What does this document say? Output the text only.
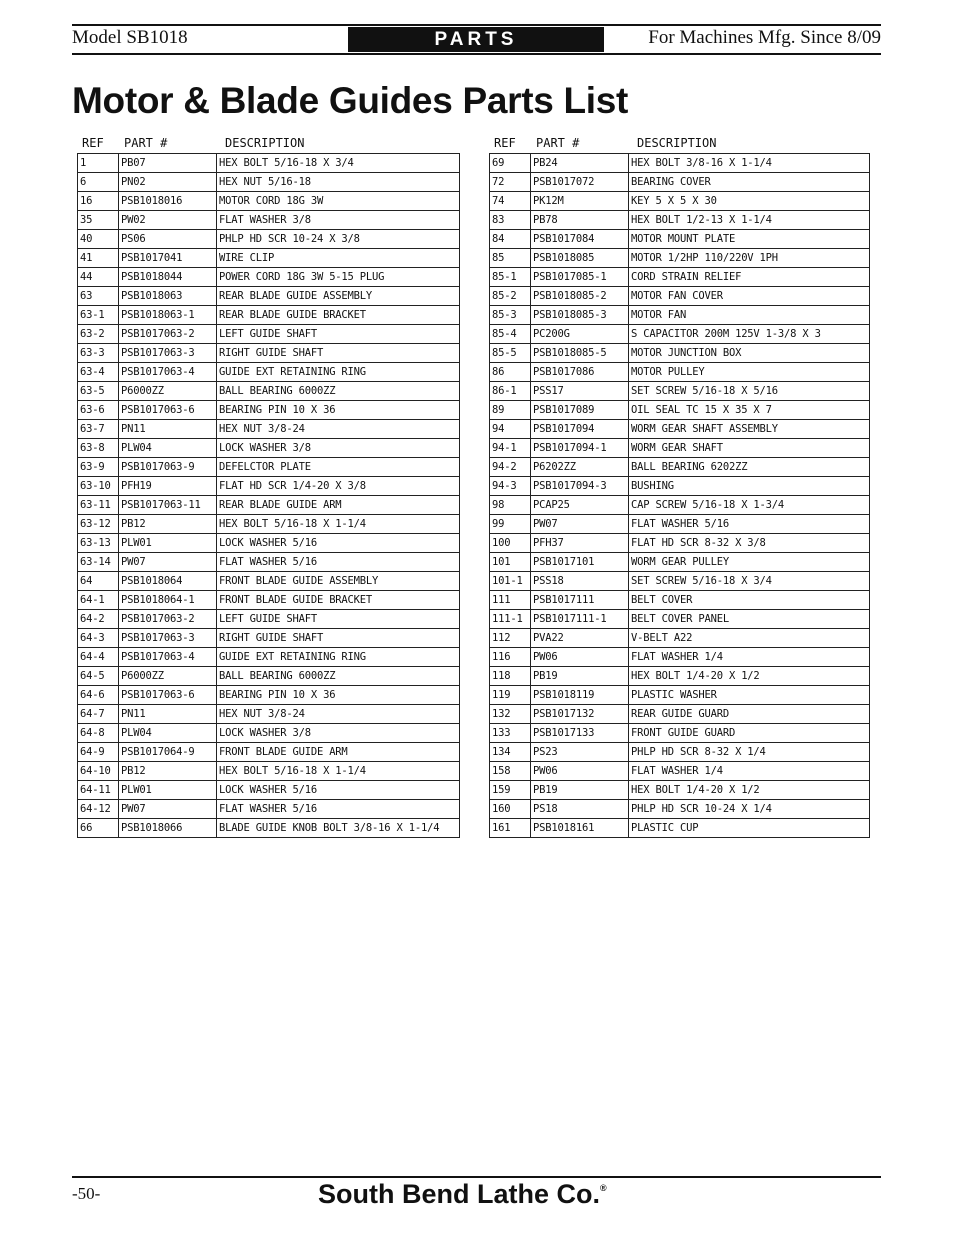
Model SB1018	PARTS	For Machines Mfg. Since 8/09
Motor & Blade Guides Parts List
REF	PART #	DESCRIPTION
1	PB07	HEX BOLT 5/16-18 X 3/4
6	PN02	HEX NUT 5/16-18
16	PSB1018016	MOTOR CORD 18G 3W
35	PW02	FLAT WASHER 3/8
40	PS06	PHLP HD SCR 10-24 X 3/8
41	PSB1017041	WIRE CLIP
44	PSB1018044	POWER CORD 18G 3W 5-15 PLUG
63	PSB1018063	REAR BLADE GUIDE ASSEMBLY
63-1	PSB1018063-1	REAR BLADE GUIDE BRACKET
63-2	PSB1017063-2	LEFT GUIDE SHAFT
63-3	PSB1017063-3	RIGHT GUIDE SHAFT
63-4	PSB1017063-4	GUIDE EXT RETAINING RING
63-5	P6000ZZ	BALL BEARING 6000ZZ
63-6	PSB1017063-6	BEARING PIN 10 X 36
63-7	PN11	HEX NUT 3/8-24
63-8	PLW04	LOCK WASHER 3/8
63-9	PSB1017063-9	DEFELCTOR PLATE
63-10	PFH19	FLAT HD SCR 1/4-20 X 3/8
63-11	PSB1017063-11	REAR BLADE GUIDE ARM
63-12	PB12	HEX BOLT 5/16-18 X 1-1/4
63-13	PLW01	LOCK WASHER 5/16
63-14	PW07	FLAT WASHER 5/16
64	PSB1018064	FRONT BLADE GUIDE ASSEMBLY
64-1	PSB1018064-1	FRONT BLADE GUIDE BRACKET
64-2	PSB1017063-2	LEFT GUIDE SHAFT
64-3	PSB1017063-3	RIGHT GUIDE SHAFT
64-4	PSB1017063-4	GUIDE EXT RETAINING RING
64-5	P6000ZZ	BALL BEARING 6000ZZ
64-6	PSB1017063-6	BEARING PIN 10 X 36
64-7	PN11	HEX NUT 3/8-24
64-8	PLW04	LOCK WASHER 3/8
64-9	PSB1017064-9	FRONT BLADE GUIDE ARM
64-10	PB12	HEX BOLT 5/16-18 X 1-1/4
64-11	PLW01	LOCK WASHER 5/16
64-12	PW07	FLAT WASHER 5/16
66	PSB1018066	BLADE GUIDE KNOB BOLT 3/8-16 X 1-1/4
REF	PART #	DESCRIPTION
69	PB24	HEX BOLT 3/8-16 X 1-1/4
72	PSB1017072	BEARING COVER
74	PK12M	KEY 5 X 5 X 30
83	PB78	HEX BOLT 1/2-13 X 1-1/4
84	PSB1017084	MOTOR MOUNT PLATE
85	PSB1018085	MOTOR 1/2HP 110/220V 1PH
85-1	PSB1017085-1	CORD STRAIN RELIEF
85-2	PSB1018085-2	MOTOR FAN COVER
85-3	PSB1018085-3	MOTOR FAN
85-4	PC200G	S CAPACITOR 200M 125V 1-3/8 X 3
85-5	PSB1018085-5	MOTOR JUNCTION BOX
86	PSB1017086	MOTOR PULLEY
86-1	PSS17	SET SCREW 5/16-18 X 5/16
89	PSB1017089	OIL SEAL TC 15 X 35 X 7
94	PSB1017094	WORM GEAR SHAFT ASSEMBLY
94-1	PSB1017094-1	WORM GEAR SHAFT
94-2	P6202ZZ	BALL BEARING 6202ZZ
94-3	PSB1017094-3	BUSHING
98	PCAP25	CAP SCREW 5/16-18 X 1-3/4
99	PW07	FLAT WASHER 5/16
100	PFH37	FLAT HD SCR 8-32 X 3/8
101	PSB1017101	WORM GEAR PULLEY
101-1	PSS18	SET SCREW 5/16-18 X 3/4
111	PSB1017111	BELT COVER
111-1	PSB1017111-1	BELT COVER PANEL
112	PVA22	V-BELT A22
116	PW06	FLAT WASHER 1/4
118	PB19	HEX BOLT 1/4-20 X 1/2
119	PSB1018119	PLASTIC WASHER
132	PSB1017132	REAR GUIDE GUARD
133	PSB1017133	FRONT GUIDE GUARD
134	PS23	PHLP HD SCR 8-32 X 1/4
158	PW06	FLAT WASHER 1/4
159	PB19	HEX BOLT 1/4-20 X 1/2
160	PS18	PHLP HD SCR 10-24 X 1/4
161	PSB1018161	PLASTIC CUP
-50-	South Bend Lathe Co.®
